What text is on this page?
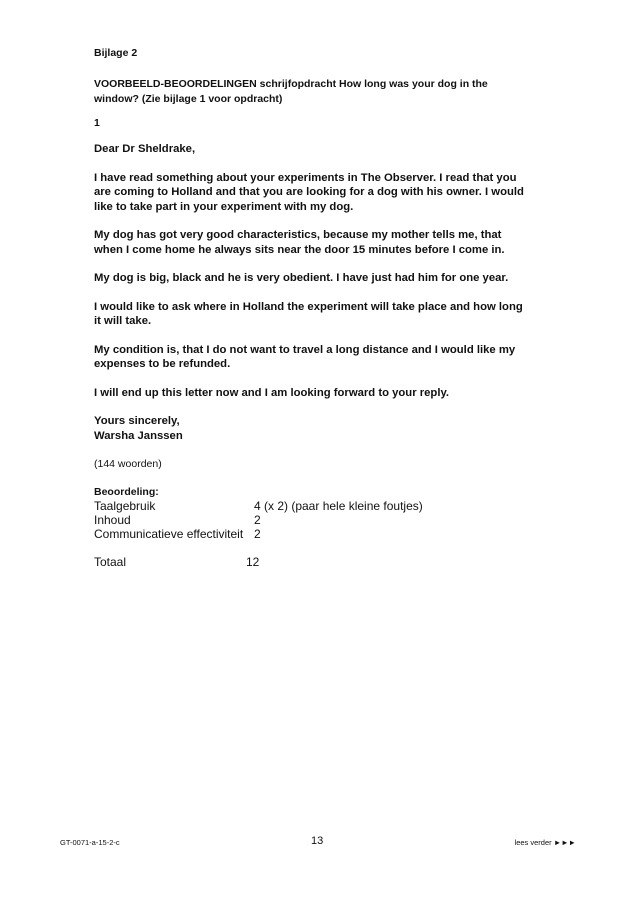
Bijlage 2

VOORBEELD-BEOORDELINGEN schrijfopdracht How long was your dog in the window? (Zie bijlage 1 voor opdracht)

1

Dear Dr Sheldrake,

I have read something about your experiments in The Observer. I read that you are coming to Holland and that you are looking for a dog with his owner. I would like to take part in your experiment with my dog.

My dog has got very good characteristics, because my mother tells me, that when I come home he always sits near the door 15 minutes before I come in.

My dog is big, black and he is very obedient. I have just had him for one year.

I would like to ask where in Holland the experiment will take place and how long it will take.

My condition is, that I do not want to travel a long distance and I would like my expenses to be refunded.

I will end up this letter now and I am looking forward to your reply.

Yours sincerely,

Warsha Janssen

(144 woorden)

Beoordeling:

Taalgebruik	4 (x 2) (paar hele kleine foutjes)
Inhoud	2
Communicatieve effectiviteit 2
Totaal	12
GT-0071-a-15-2-c	13	lees verder ►►►
